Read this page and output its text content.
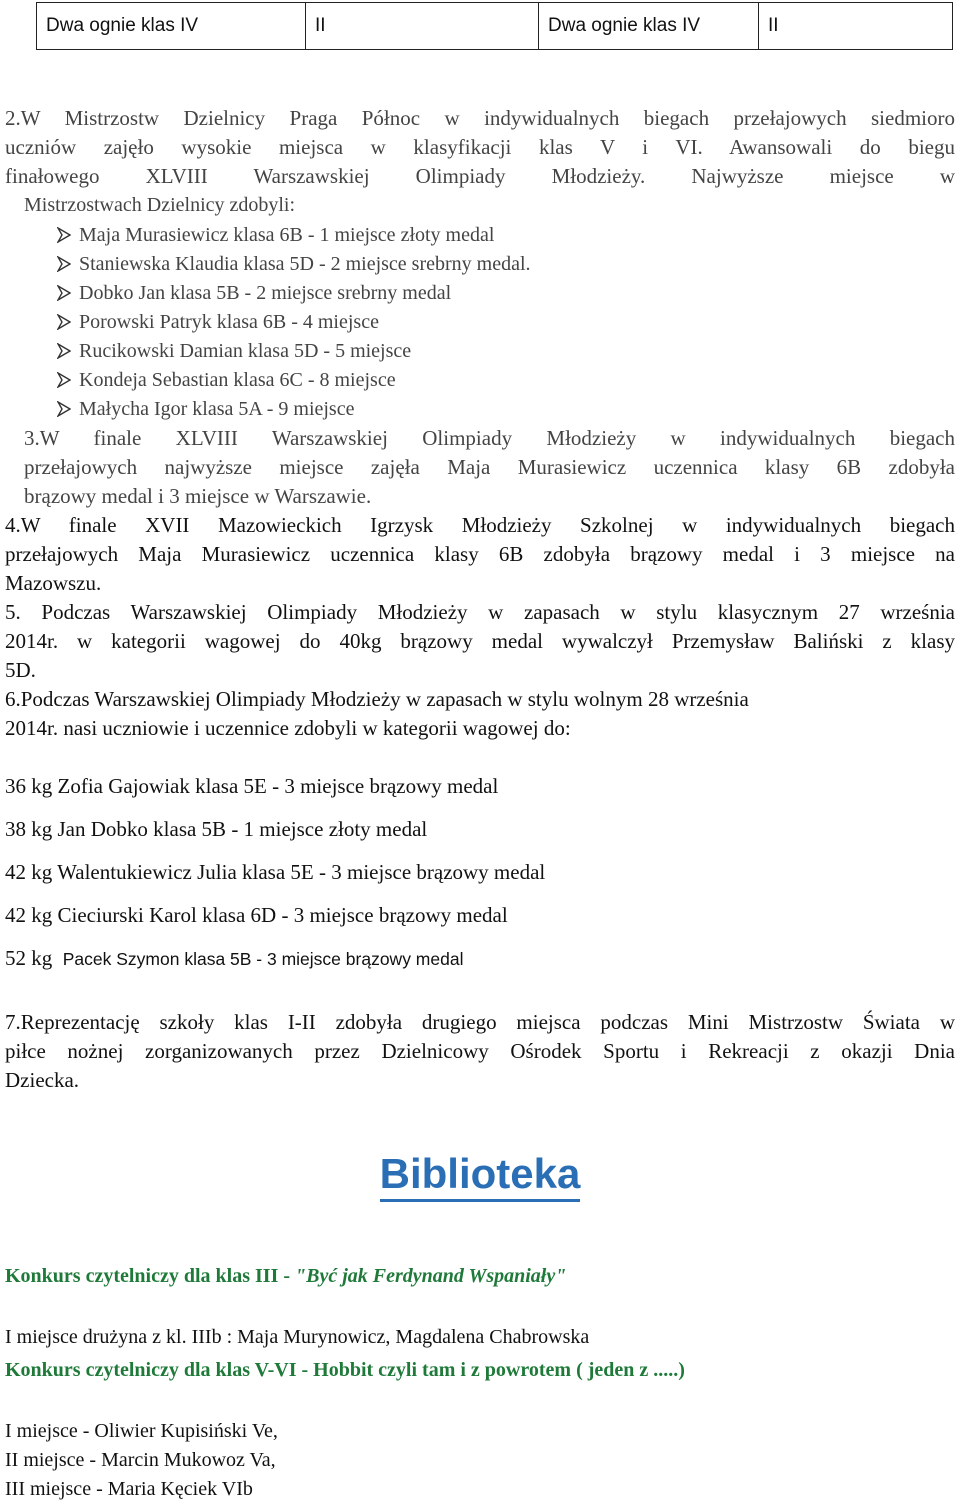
Dwa ognie klas IV	II	Dwa ognie klas IV	II
2.W Mistrzostw Dzielnicy Praga Północ w indywidualnych biegach przełajowych siedmioro
uczniów zajęło wysokie miejsca w klasyfikacji klas V i VI. Awansowali do biegu
finałowego XLVIII Warszawskiej Olimpiady Młodzieży. Najwyższe miejsce w
Mistrzostwach Dzielnicy zdobyli:
Maja Murasiewicz klasa 6B - 1 miejsce złoty medal
Staniewska Klaudia klasa 5D - 2 miejsce srebrny medal.
Dobko Jan klasa 5B - 2 miejsce srebrny medal
Porowski Patryk klasa 6B - 4 miejsce
Rucikowski Damian klasa 5D - 5 miejsce
Kondeja Sebastian klasa 6C - 8 miejsce
Małycha Igor klasa 5A - 9 miejsce
3.W finale XLVIII Warszawskiej Olimpiady Młodzieży w indywidualnych biegach
przełajowych najwyższe miejsce zajęła Maja Murasiewicz uczennica klasy 6B zdobyła
brązowy medal i 3 miejsce w Warszawie.
4.W finale XVII Mazowieckich Igrzysk Młodzieży Szkolnej w indywidualnych biegach
przełajowych Maja Murasiewicz uczennica klasy 6B zdobyła brązowy medal i 3 miejsce na
Mazowszu.
5. Podczas Warszawskiej Olimpiady Młodzieży w zapasach w stylu klasycznym 27 września
2014r. w kategorii wagowej do 40kg brązowy medal wywalczył Przemysław Baliński z klasy
5D.
6.Podczas Warszawskiej Olimpiady Młodzieży w zapasach w stylu wolnym 28 września
2014r. nasi uczniowie i uczennice zdobyli w kategorii wagowej do:
36 kg Zofia Gajowiak klasa 5E - 3 miejsce brązowy medal
38 kg Jan Dobko klasa 5B - 1 miejsce złoty medal
42 kg Walentukiewicz Julia klasa 5E - 3 miejsce brązowy medal
42 kg Cieciurski Karol klasa 6D - 3 miejsce brązowy medal
52 kg Pacek Szymon klasa 5B - 3 miejsce brązowy medal
7.Reprezentację szkoły klas I-II zdobyła drugiego miejsca podczas Mini Mistrzostw Świata w
piłce nożnej zorganizowanych przez Dzielnicowy Ośrodek Sportu i Rekreacji z okazji Dnia
Dziecka.
Biblioteka
Konkurs czytelniczy dla klas III - "Być jak Ferdynand Wspaniały"
I miejsce drużyna z kl. IIIb : Maja Murynowicz, Magdalena Chabrowska
Konkurs czytelniczy dla klas V-VI - Hobbit czyli tam i z powrotem ( jeden z .....)
I miejsce - Oliwier Kupisiński Ve,
II miejsce - Marcin Mukowoz Va,
III miejsce - Maria Kęciek VIb
